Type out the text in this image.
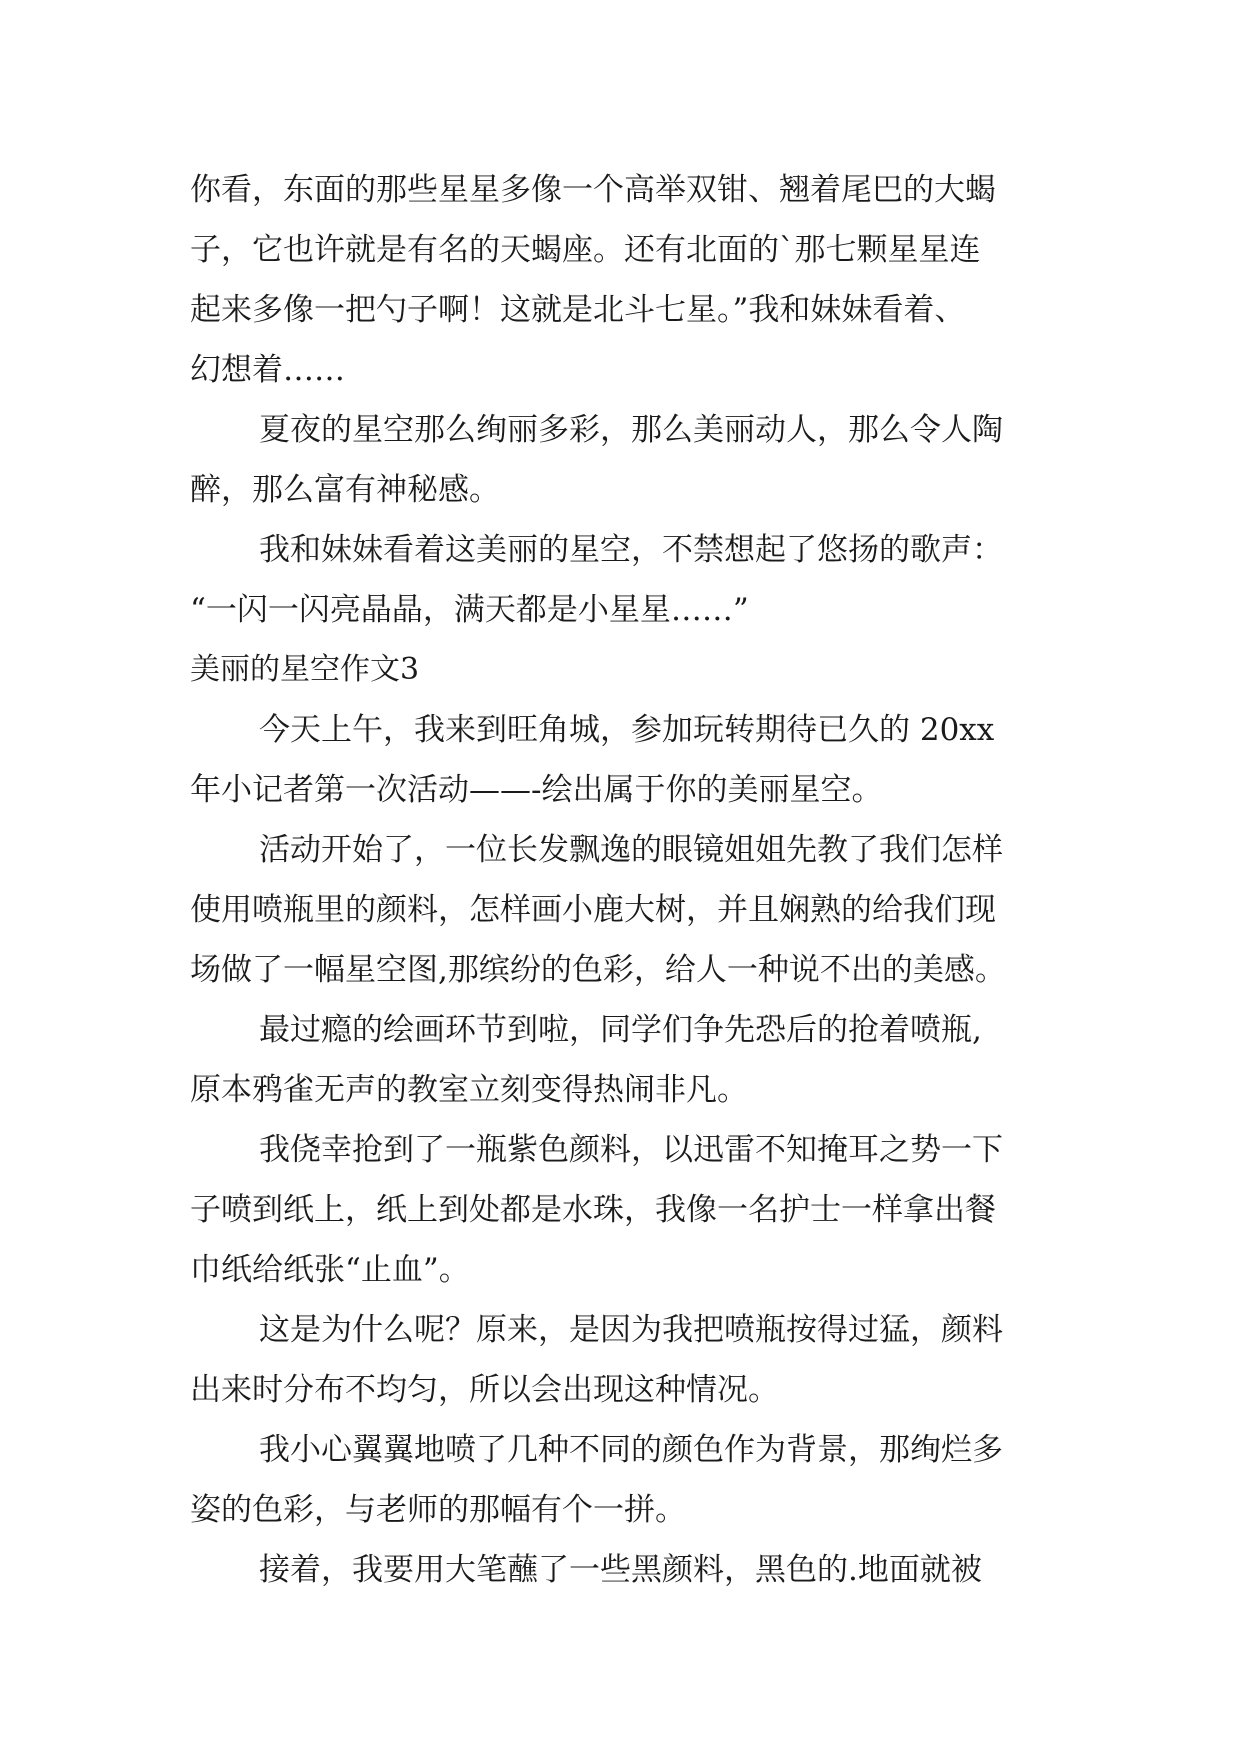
你看，东面的那些星星多像一个高举双钳、翘着尾巴的大蝎

子，它也许就是有名的天蝎座。还有北面的`那七颗星星连

起来多像一把勺子啊！这就是北斗七星。”我和妹妹看着、

幻想着……

夏夜的星空那么绚丽多彩，那么美丽动人，那么令人陶

醉，那么富有神秘感。

我和妹妹看着这美丽的星空，不禁想起了悠扬的歌声：

“一闪一闪亮晶晶，满天都是小星星……”

美丽的星空作文3

今天上午，我来到旺角城，参加玩转期待已久的 20xx

年小记者第一次活动——-绘出属于你的美丽星空。

活动开始了，一位长发飘逸的眼镜姐姐先教了我们怎样

使用喷瓶里的颜料，怎样画小鹿大树，并且娴熟的给我们现

场做了一幅星空图,那缤纷的色彩，给人一种说不出的美感。

最过瘾的绘画环节到啦，同学们争先恐后的抢着喷瓶,

原本鸦雀无声的教室立刻变得热闹非凡。

我侥幸抢到了一瓶紫色颜料，以迅雷不知掩耳之势一下

子喷到纸上，纸上到处都是水珠，我像一名护士一样拿出餐

巾纸给纸张“止血”。

这是为什么呢？原来，是因为我把喷瓶按得过猛，颜料

出来时分布不均匀，所以会出现这种情况。

我小心翼翼地喷了几种不同的颜色作为背景，那绚烂多

姿的色彩，与老师的那幅有个一拼。

接着，我要用大笔蘸了一些黑颜料，黑色的.地面就被
